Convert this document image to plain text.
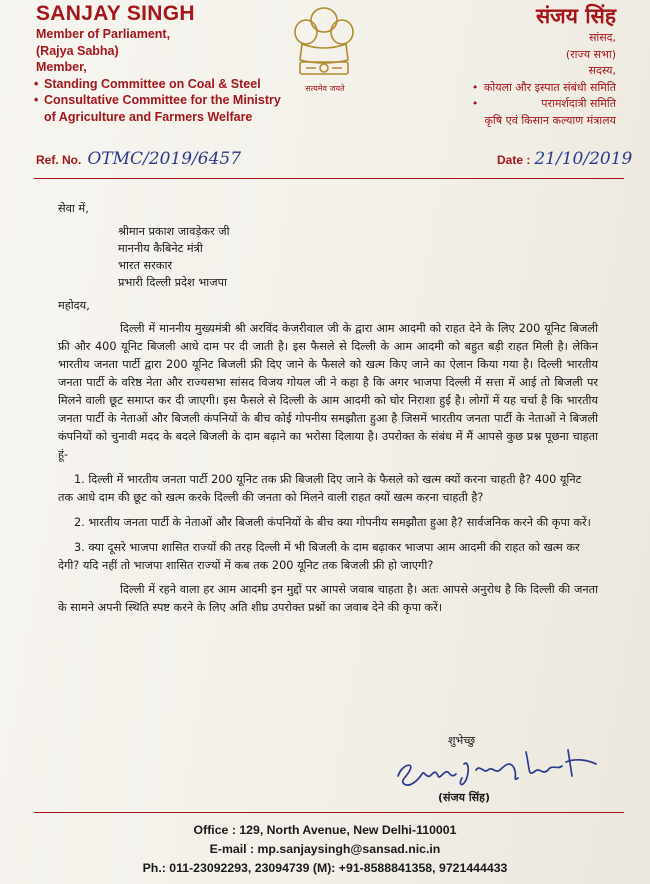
SANJAY SINGH
Member of Parliament,
(Rajya Sabha)
Member,
• Standing Committee on Coal & Steel
• Consultative Committee for the Ministry
of Agriculture and Farmers Welfare
सत्यमेव जयते
संजय सिंह
सांसद,
(राज्य सभा)
सदस्य,
• कोयला और इस्पात संबंधी समिति
• परामर्शदात्री समिति
कृषि एवं किसान कल्याण मंत्रालय
Ref. No. OTMC/2019/6457	Date : 21/10/2019
सेवा में,
श्रीमान प्रकाश जावड़ेकर जी
माननीय कैबिनेट मंत्री
भारत सरकार
प्रभारी दिल्ली प्रदेश भाजपा
महोदय,

दिल्ली में माननीय मुख्यमंत्री श्री अरविंद केजरीवाल जी के द्वारा आम आदमी को राहत देने के लिए 200 यूनिट बिजली फ्री और 400 यूनिट बिजली आधे दाम पर दी जाती है। इस फैसले से दिल्ली के आम आदमी को बहुत बड़ी राहत मिली है। लेकिन भारतीय जनता पार्टी द्वारा 200 यूनिट बिजली फ्री दिए जाने के फैसले को खत्म किए जाने का ऐलान किया गया है। दिल्ली भारतीय जनता पार्टी के वरिष्ठ नेता और राज्यसभा सांसद विजय गोयल जी ने कहा है कि अगर भाजपा दिल्ली में सत्ता में आई तो बिजली पर मिलने वाली छूट समाप्त कर दी जाएगी। इस फैसले से दिल्ली के आम आदमी को घोर निराशा हुई है। लोगों में यह चर्चा है कि भारतीय जनता पार्टी के नेताओं और बिजली कंपनियों के बीच कोई गोपनीय समझौता हुआ है जिसमें भारतीय जनता पार्टी के नेताओं ने बिजली कंपनियों को चुनावी मदद के बदले बिजली के दाम बढ़ाने का भरोसा दिलाया है। उपरोक्त के संबंध में मैं आपसे कुछ प्रश्न पूछना चाहता हूं-

1. दिल्ली में भारतीय जनता पार्टी 200 यूनिट तक फ्री बिजली दिए जाने के फैसले को खत्म क्यों करना चाहती है? 400 यूनिट तक आधे दाम की छूट को खत्म करके दिल्ली की जनता को मिलने वाली राहत क्यों खत्म करना चाहती है?

2. भारतीय जनता पार्टी के नेताओं और बिजली कंपनियों के बीच क्या गोपनीय समझौता हुआ है? सार्वजनिक करने की कृपा करें।

3. क्या दूसरे भाजपा शासित राज्यों की तरह दिल्ली में भी बिजली के दाम बढ़ाकर भाजपा आम आदमी की राहत को खत्म कर देगी? यदि नहीं तो भाजपा शासित राज्यों में कब तक 200 यूनिट तक बिजली फ्री हो जाएगी?

दिल्ली में रहने वाला हर आम आदमी इन मुद्दों पर आपसे जवाब चाहता है। अतः आपसे अनुरोध है कि दिल्ली की जनता के सामने अपनी स्थिति स्पष्ट करने के लिए अति शीघ्र उपरोक्त प्रश्नों का जवाब देने की कृपा करें।

शुभेच्छु
(संजय सिंह)
Office : 129, North Avenue, New Delhi-110001
E-mail : mp.sanjaysingh@sansad.nic.in
Ph.: 011-23092293, 23094739 (M): +91-8588841358, 9721444433
